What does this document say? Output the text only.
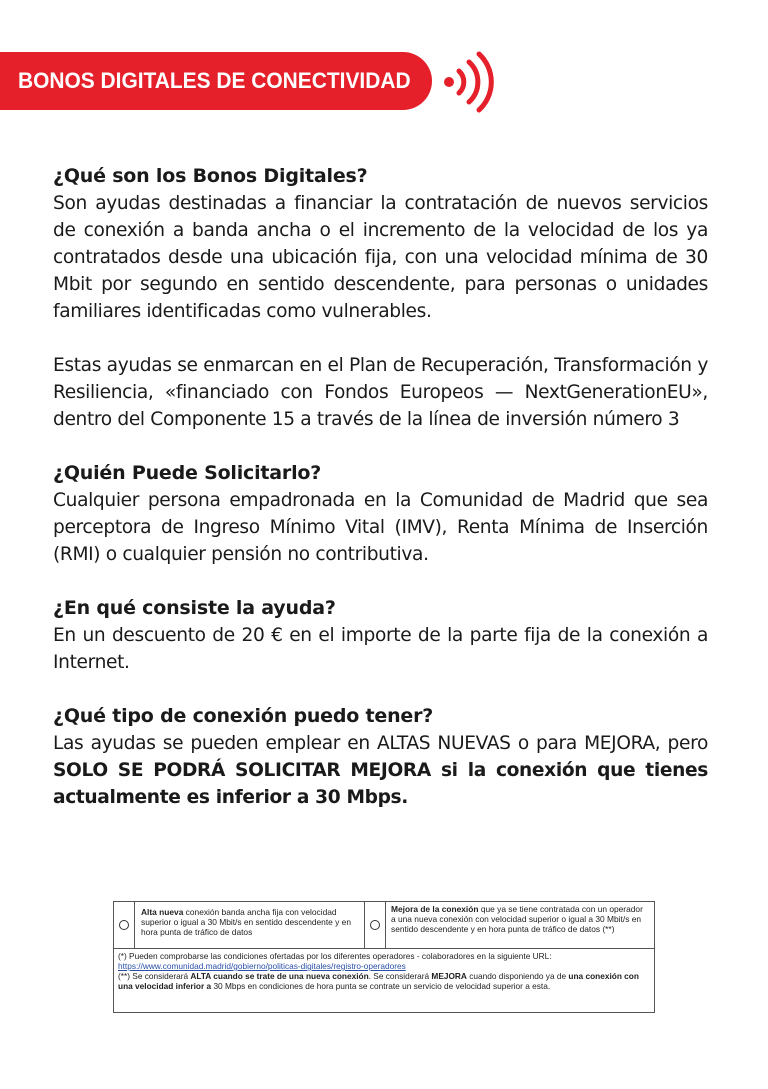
BONOS DIGITALES DE CONECTIVIDAD
¿Qué son los Bonos Digitales?

Son ayudas destinadas a financiar la contratación de nuevos servicios de conexión a banda ancha o el incremento de la velocidad de los ya contratados desde una ubicación fija, con una velocidad mínima de 30 Mbit por segundo en sentido descendente, para personas o unidades familiares identificadas como vulnerables.

Estas ayudas se enmarcan en el Plan de Recuperación, Transformación y Resiliencia, «financiado con Fondos Europeos — NextGenerationEU», dentro del Componente 15 a través de la línea de inversión número 3

¿Quién Puede Solicitarlo?

Cualquier persona empadronada en la Comunidad de Madrid que sea perceptora de Ingreso Mínimo Vital (IMV), Renta Mínima de Inserción (RMI) o cualquier pensión no contributiva.

¿En qué consiste la ayuda?

En un descuento de 20 € en el importe de la parte fija de la conexión a Internet.

¿Qué tipo de conexión puedo tener?

Las ayudas se pueden emplear en ALTAS NUEVAS o para MEJORA, pero SOLO SE PODRÁ SOLICITAR MEJORA si la conexión que tienes actualmente es inferior a 30 Mbps.

Alta nueva conexión banda ancha fija con velocidad superior o igual a 30 Mbit/s en sentido descendente y en hora punta de tráfico de datos
Mejora de la conexión que ya se tiene contratada con un operador a una nueva conexión con velocidad superior o igual a 30 Mbit/s en sentido descendente y en hora punta de tráfico de datos (**)
(*) Pueden comprobarse las condiciones ofertadas por los diferentes operadores - colaboradores en la siguiente URL:
https://www.comunidad.madrid/gobierno/politicas-digitales/registro-operadores
(**) Se considerará ALTA cuando se trate de una nueva conexión. Se considerará MEJORA cuando disponiendo ya de una conexión con una velocidad inferior a 30 Mbps en condiciones de hora punta se contrate un servicio de velocidad superior a esta.
